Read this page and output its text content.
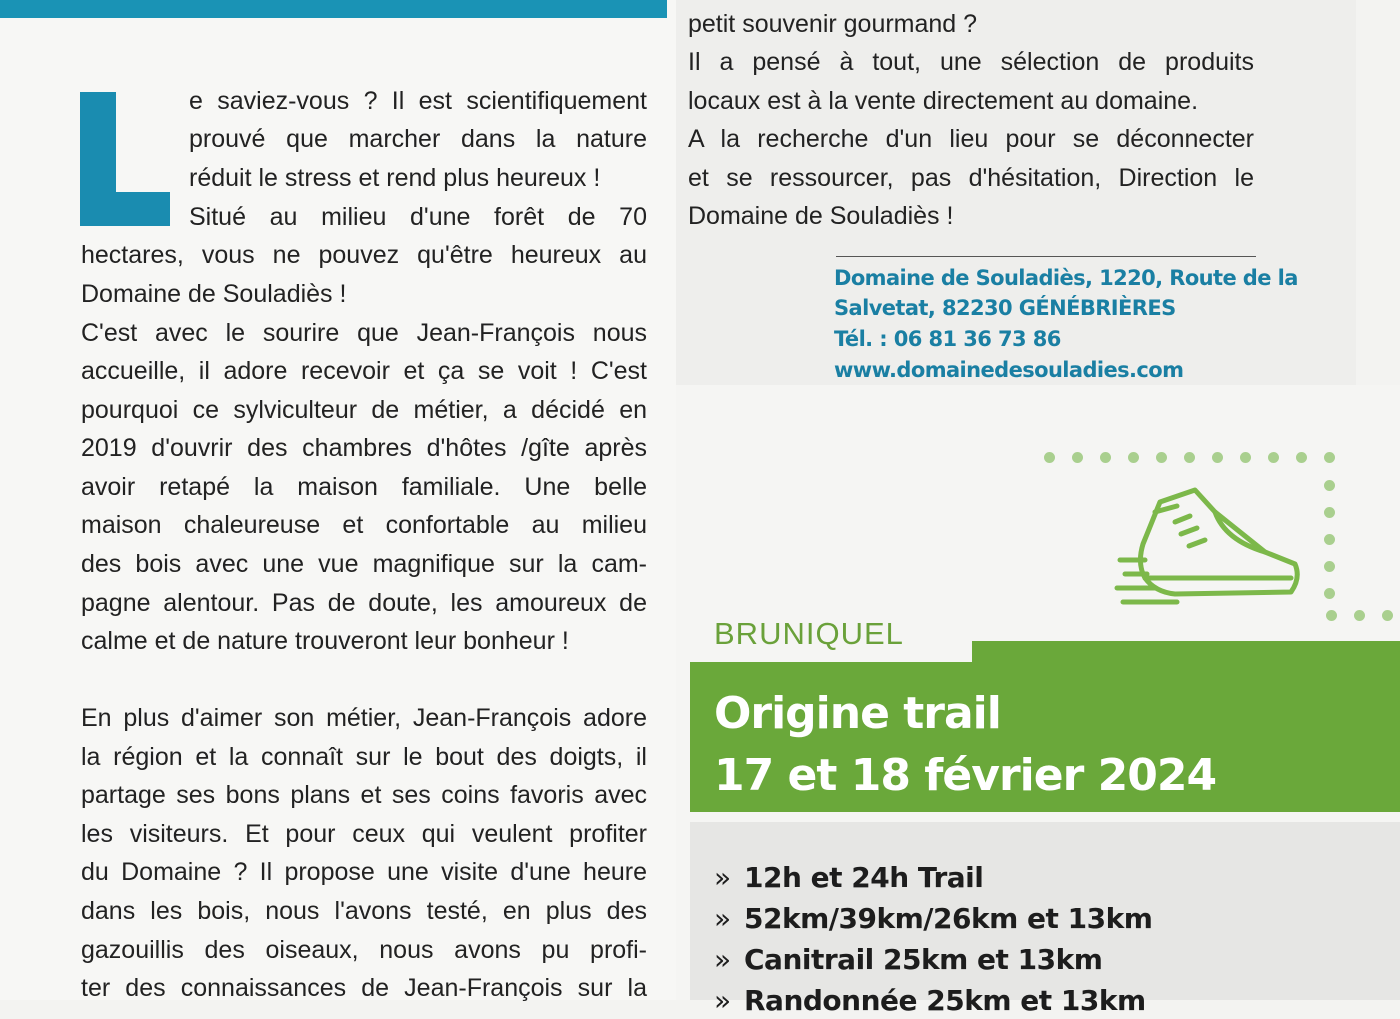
e saviez-vous ? Il est scientifiquement
prouvé que marcher dans la nature
réduit le stress et rend plus heureux !
Situé au milieu d'une forêt de 70
hectares, vous ne pouvez qu'être heureux au
Domaine de Souladiès !
C'est avec le sourire que Jean-François nous
accueille, il adore recevoir et ça se voit ! C'est
pourquoi ce sylviculteur de métier, a décidé en
2019 d'ouvrir des chambres d'hôtes /gîte après
avoir retapé la maison familiale. Une belle
maison chaleureuse et confortable au milieu
des bois avec une vue magnifique sur la cam-
pagne alentour. Pas de doute, les amoureux de
calme et de nature trouveront leur bonheur !
En plus d'aimer son métier, Jean-François adore
la région et la connaît sur le bout des doigts, il
partage ses bons plans et ses coins favoris avec
les visiteurs. Et pour ceux qui veulent profiter
du Domaine ? Il propose une visite d'une heure
dans les bois, nous l'avons testé, en plus des
gazouillis des oiseaux, nous avons pu profi-
ter des connaissances de Jean-François sur la
petit souvenir gourmand ?
Il a pensé à tout, une sélection de produits
locaux est à la vente directement au domaine.
A la recherche d'un lieu pour se déconnecter
et se ressourcer, pas d'hésitation, Direction le
Domaine de Souladiès !
Domaine de Souladiès, 1220, Route de la
Salvetat, 82230 GÉNÉBRIÈRES
Tél. : 06 81 36 73 86
www.domainedesouladies.com
BRUNIQUEL
Origine trail
17 et 18 février 2024
» 12h et 24h Trail
» 52km/39km/26km et 13km
» Canitrail 25km et 13km
» Randonnée 25km et 13km
